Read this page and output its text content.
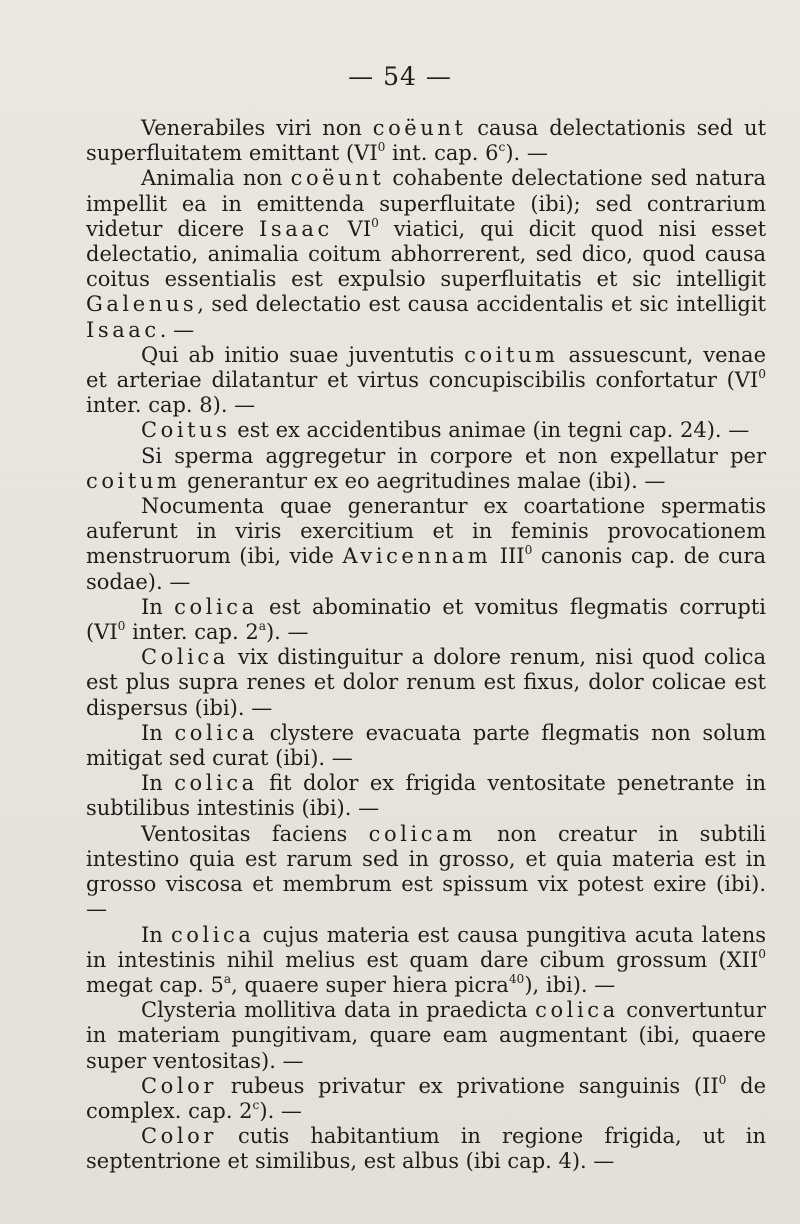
— 54 —

Venerabiles viri non coëunt causa delectationis sed ut superfluitatem emittant ($VI^0$ int. cap. 6$^c$). —

Animalia non coëunt cohabente delectatione sed natura impellit ea in emittenda superfluitate (ibi); sed contrarium videtur dicere Isaac $VI^0$ viatici, qui dicit quod nisi esset delectatio, animalia coitum abhorrerent, sed dico, quod causa coitus essentialis est expulsio superfluitatis et sic intelligit Galenus, sed delectatio est causa accidentalis et sic intelligit Isaac. —

Qui ab initio suae juventutis coitum assuescunt, venae et arteriae dilatantur et virtus concupiscibilis confortatur ($VI^0$ inter. cap. 8). —

Coitus est ex accidentibus animae (in tegni cap. 24). —

Si sperma aggregetur in corpore et non expellatur per coitum generantur ex eo aegritudines malae (ibi). —

Nocumenta quae generantur ex coartatione spermatis auferunt in viris exercitium et in feminis provocationem menstruorum (ibi, vide Avicennam III$^0$ canonis cap. de cura sodae). —

In colica est abominatio et vomitus flegmatis corrupti ($VI^0$ inter. cap. 2$^a$). —

Colica vix distinguitur a dolore renum, nisi quod colica est plus supra renes et dolor renum est fixus, dolor colicae est dispersus (ibi). —

In colica clystere evacuata parte flegmatis non solum mitigat sed curat (ibi). —

In colica fit dolor ex frigida ventositate penetrante in subtilibus intestinis (ibi). —

Ventositas faciens colicam non creatur in subtili intestino quia est rarum sed in grosso, et quia materia est in grosso viscosa et membrum est spissum vix potest exire (ibi). —

In colica cujus materia est causa pungitiva acuta latens in intestinis nihil melius est quam dare cibum grossum (XII$^0$ megat cap. 5$^a$, quaere super hiera picra$^{40}$), ibi). —

Clysteria mollitiva data in praedicta colica convertuntur in materiam pungitivam, quare eam augmentant (ibi, quaere super ventositas). —

Color rubeus privatur ex privatione sanguinis ($II^0$ de complex. cap. 2$^c$). —

Color cutis habitantium in regione frigida, ut in septentrione et similibus, est albus (ibi cap. 4). —
